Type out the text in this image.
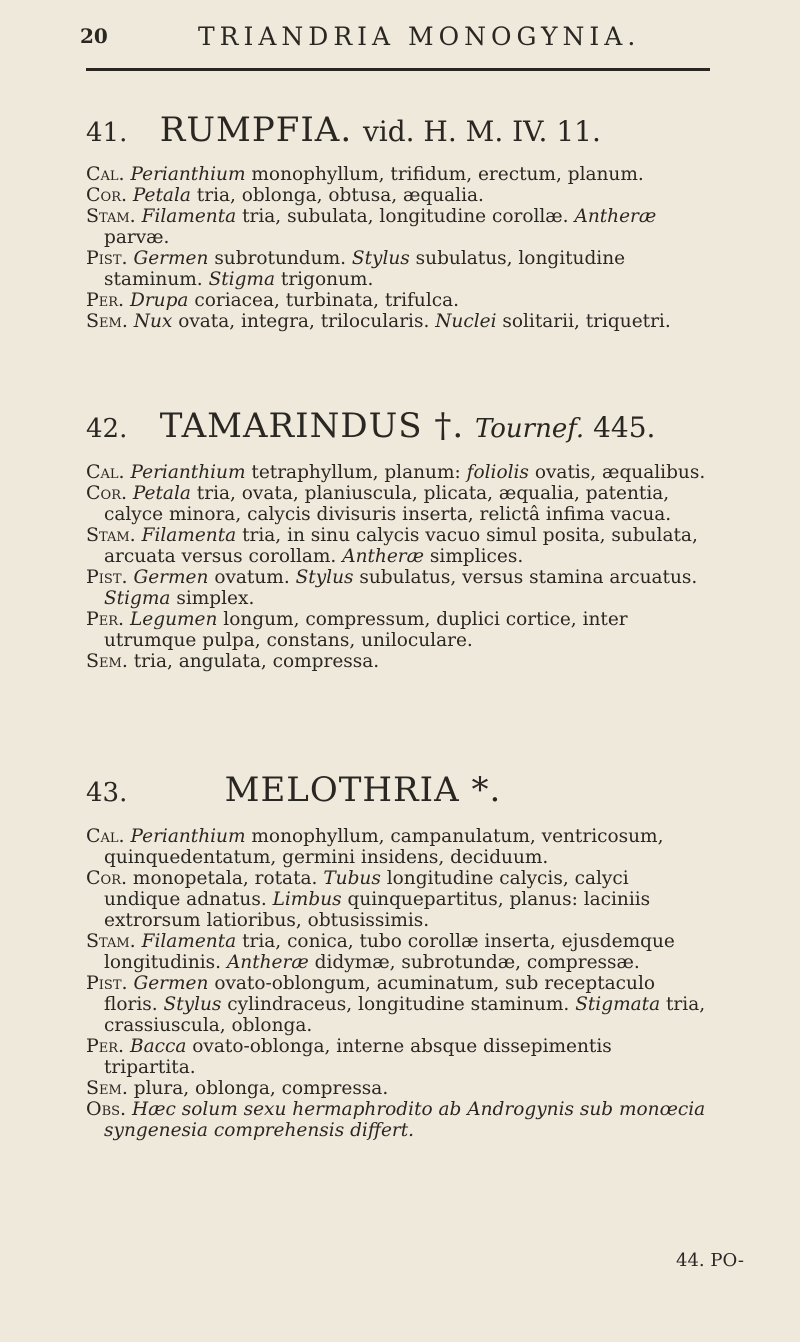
20	TRIANDRIA MONOGYNIA.
41. RUMPFIA. vid. H. M. IV. 11.
Cal. Perianthium monophyllum, trifidum, erectum, planum.
Cor. Petala tria, oblonga, obtusa, æqualia.
Stam. Filamenta tria, subulata, longitudine corollæ. Antheræ parvæ.
Pist. Germen subrotundum. Stylus subulatus, longitudine staminum. Stigma trigonum.
Per. Drupa coriacea, turbinata, trifulca.
Sem. Nux ovata, integra, trilocularis. Nuclei solitarii, triquetri.
42. TAMARINDUS †. Tournef. 445.
Cal. Perianthium tetraphyllum, planum: foliolis ovatis, æqualibus.
Cor. Petala tria, ovata, planiuscula, plicata, æqualia, patentia, calyce minora, calycis divisuris inserta, relictâ infima vacua.
Stam. Filamenta tria, in sinu calycis vacuo simul posita, subulata, arcuata versus corollam. Antheræ simplices.
Pist. Germen ovatum. Stylus subulatus, versus stamina arcuatus. Stigma simplex.
Per. Legumen longum, compressum, duplici cortice, inter utrumque pulpa, constans, uniloculare.
Sem. tria, angulata, compressa.
43.	MELOTHRIA *.
Cal. Perianthium monophyllum, campanulatum, ventricosum, quinquedentatum, germini insidens, deciduum.
Cor. monopetala, rotata. Tubus longitudine calycis, calyci undique adnatus. Limbus quinquepartitus, planus: laciniis extrorsum latioribus, obtusissimis.
Stam. Filamenta tria, conica, tubo corollæ inserta, ejusdemque longitudinis. Antheræ didymæ, subrotundæ, compressæ.
Pist. Germen ovato-oblongum, acuminatum, sub receptaculo floris. Stylus cylindraceus, longitudine staminum. Stigmata tria, crassiuscula, oblonga.
Per. Bacca ovato-oblonga, interne absque dissepimentis tripartita.
Sem. plura, oblonga, compressa.
Obs. Hæc solum sexu hermaphrodito ab Androgynis sub monœcia syngenesia comprehensis differt.
44. PO-
